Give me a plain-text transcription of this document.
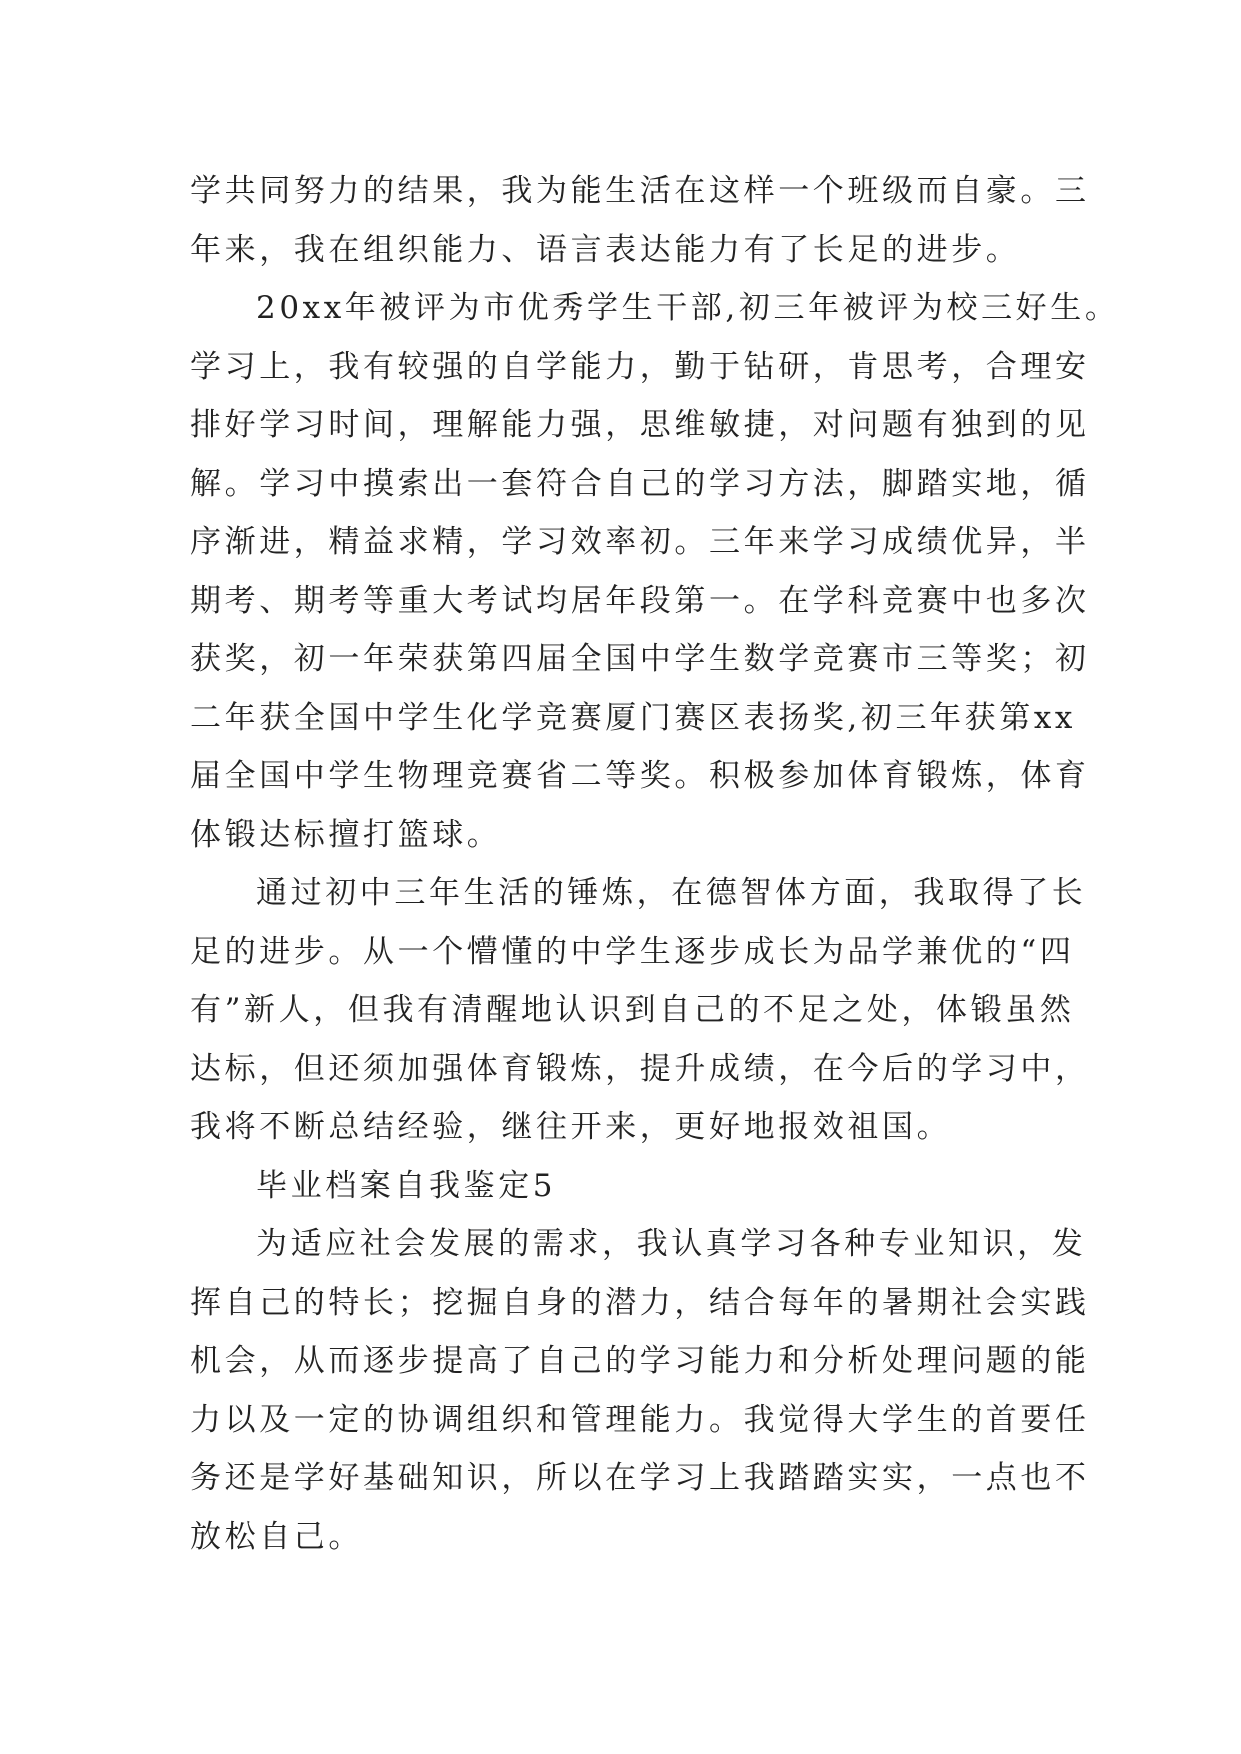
学共同努力的结果，我为能生活在这样一个班级而自豪。三
年来，我在组织能力、语言表达能力有了长足的进步。
20xx年被评为市优秀学生干部,初三年被评为校三好生。
学习上，我有较强的自学能力，勤于钻研，肯思考，合理安
排好学习时间，理解能力强，思维敏捷，对问题有独到的见
解。学习中摸索出一套符合自己的学习方法，脚踏实地，循
序渐进，精益求精，学习效率初。三年来学习成绩优异，半
期考、期考等重大考试均居年段第一。在学科竞赛中也多次
获奖，初一年荣获第四届全国中学生数学竞赛市三等奖；初
二年获全国中学生化学竞赛厦门赛区表扬奖,初三年获第xx
届全国中学生物理竞赛省二等奖。积极参加体育锻炼，体育
体锻达标擅打篮球。
通过初中三年生活的锤炼，在德智体方面，我取得了长
足的进步。从一个懵懂的中学生逐步成长为品学兼优的“四
有”新人，但我有清醒地认识到自己的不足之处，体锻虽然
达标，但还须加强体育锻炼，提升成绩，在今后的学习中，
我将不断总结经验，继往开来，更好地报效祖国。
毕业档案自我鉴定5
为适应社会发展的需求，我认真学习各种专业知识，发
挥自己的特长；挖掘自身的潜力，结合每年的暑期社会实践
机会，从而逐步提高了自己的学习能力和分析处理问题的能
力以及一定的协调组织和管理能力。我觉得大学生的首要任
务还是学好基础知识，所以在学习上我踏踏实实，一点也不
放松自己。
